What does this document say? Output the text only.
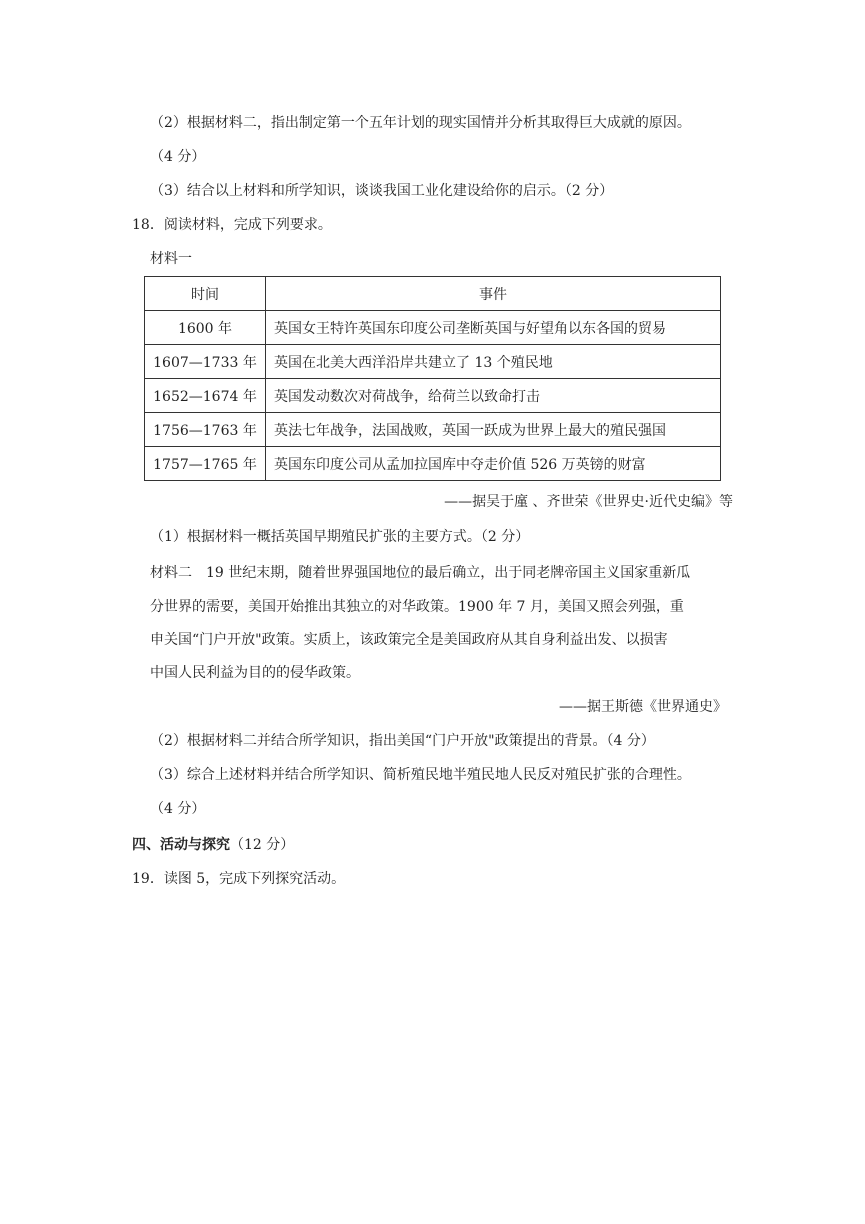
（2）根据材料二，指出制定第一个五年计划的现实国情并分析其取得巨大成就的原因。
（4 分）
（3）结合以上材料和所学知识，谈谈我国工业化建设给你的启示。（2 分）
18．阅读材料，完成下列要求。
材料一
时间	事件
1600 年	英国女王特许英国东印度公司垄断英国与好望角以东各国的贸易
1607—1733 年	英国在北美大西洋沿岸共建立了 13 个殖民地
1652—1674 年	英国发动数次对荷战争，给荷兰以致命打击
1756—1763 年	英法七年战争，法国战败，英国一跃成为世界上最大的殖民强国
1757—1765 年	英国东印度公司从孟加拉国库中夺走价值 526 万英镑的财富
——据吴于廑 、齐世荣《世界史·近代史编》等
（1）根据材料一概括英国早期殖民扩张的主要方式。（2 分）
材料二　19 世纪末期，随着世界强国地位的最后确立，出于同老牌帝国主义国家重新瓜
分世界的需要，美国开始推出其独立的对华政策。1900 年 7 月，美国又照会列强，重
申关国“门户开放"政策。实质上，该政策完全是美国政府从其自身利益出发、以损害
中国人民利益为目的的侵华政策。
——据王斯德《世界通史》
（2）根据材料二并结合所学知识，指出美国“门户开放"政策提出的背景。（4 分）
（3）综合上述材料并结合所学知识、简析殖民地半殖民地人民反对殖民扩张的合理性。
（4 分）
四、活动与探究（12 分）
19．读图 5，完成下列探究活动。
